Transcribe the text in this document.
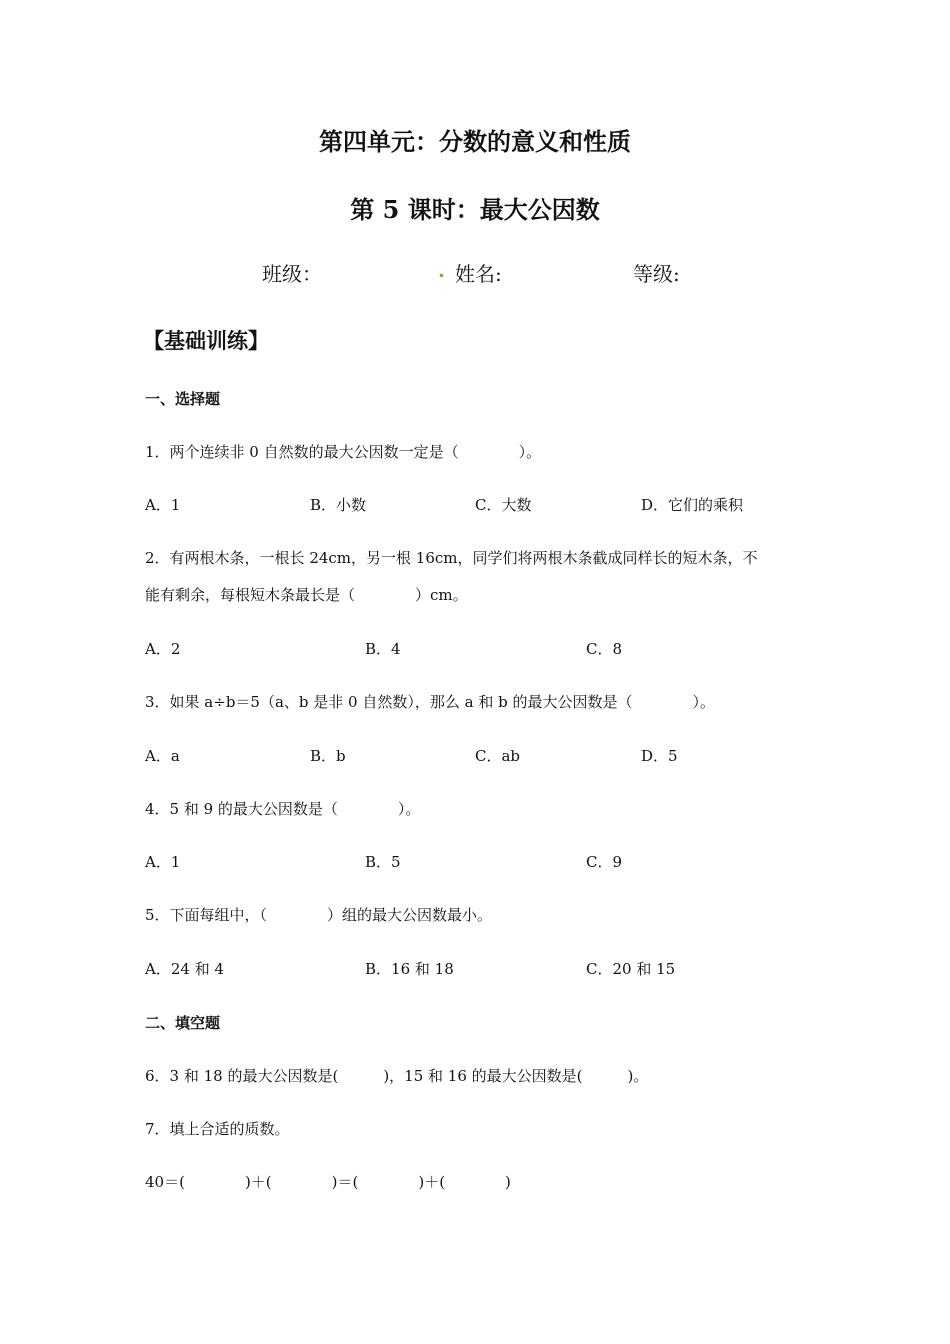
第四单元：分数的意义和性质
第 5 课时：最大公因数
班级：	. 姓名:	等级:
【基础训练】
一、选择题
1．两个连续非 0 自然数的最大公因数一定是（　　　　）。
A．1	B．小数	C．大数	D．它们的乘积
2．有两根木条，一根长 24cm，另一根 16cm，同学们将两根木条截成同样长的短木条，不
能有剩余，每根短木条最长是（　　　　）cm。
A．2	B．4	C．8
3．如果 a÷b＝5（a、b 是非 0 自然数），那么 a 和 b 的最大公因数是（　　　　）。
A．a	B．b	C．ab	D．5
4．5 和 9 的最大公因数是（　　　　）。
A．1	B．5	C．9
5．下面每组中，（　　　　）组的最大公因数最小。
A．24 和 4	B．16 和 18	C．20 和 15
二、填空题
6．3 和 18 的最大公因数是(　　　)，15 和 16 的最大公因数是(　　　)。
7．填上合适的质数。
40＝(　　　　)＋(　　　　)＝(　　　　)＋(　　　　)
